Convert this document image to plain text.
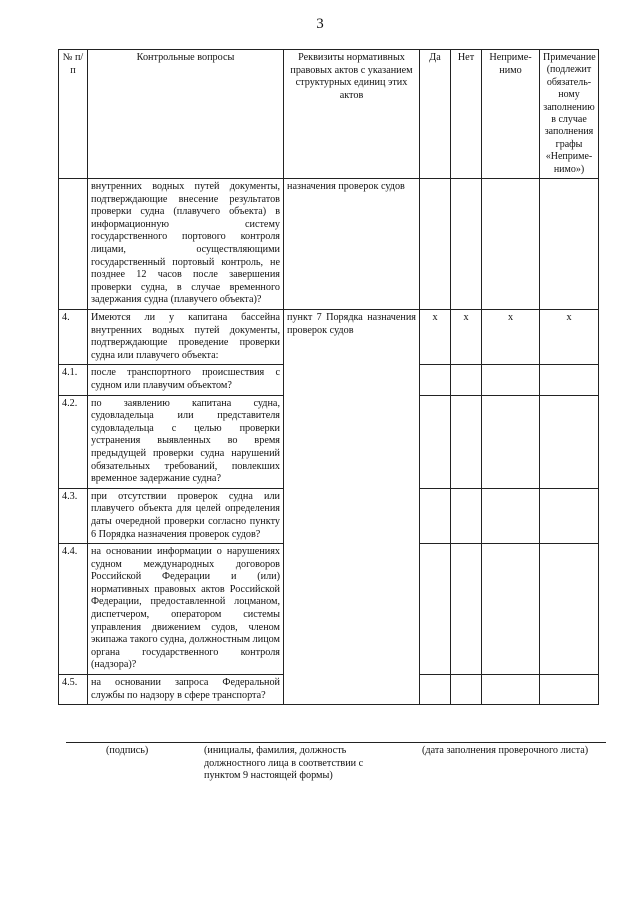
3
№ п/п	Контрольные вопросы	Реквизиты нормативных правовых актов с указанием структурных единиц этих актов	Да	Нет	Неприме-нимо	Примечание (подлежит обязатель-ному заполнению в случае заполнения графы «Неприме-нимо»)
	внутренних водных путей документы, подтверждающие внесение результатов проверки судна (плавучего объекта) в информационную систему государственного портового контроля лицами, осуществляющими государственный портовый контроль, не позднее 12 часов после завершения проверки судна, в случае временного задержания судна (плавучего объекта)?	назначения проверок судов				
4.	Имеются ли у капитана бассейна внутренних водных путей документы, подтверждающие проведение проверки судна или плавучего объекта:	пункт 7 Порядка назначения проверок судов	x	x	x	x
4.1.	после транспортного происшествия с судном или плавучим объектом?					
4.2.	по заявлению капитана судна, судовладельца или представителя судовладельца с целью проверки устранения выявленных во время предыдущей проверки судна нарушений обязательных требований, повлекших временное задержание судна?					
4.3.	при отсутствии проверок судна или плавучего объекта для целей определения даты очередной проверки согласно пункту 6 Порядка назначения проверок судов?					
4.4.	на основании информации о нарушениях судном международных договоров Российской Федерации и (или) нормативных правовых актов Российской Федерации, предоставленной лоцманом, диспетчером, оператором системы управления движением судов, членом экипажа такого судна, должностным лицом органа государственного контроля (надзора)?					
4.5.	на основании запроса Федеральной службы по надзору в сфере транспорта?					
(подпись)	(инициалы, фамилия, должность должностного лица в соответствии с пунктом 9 настоящей формы)
(дата заполнения проверочного листа)
